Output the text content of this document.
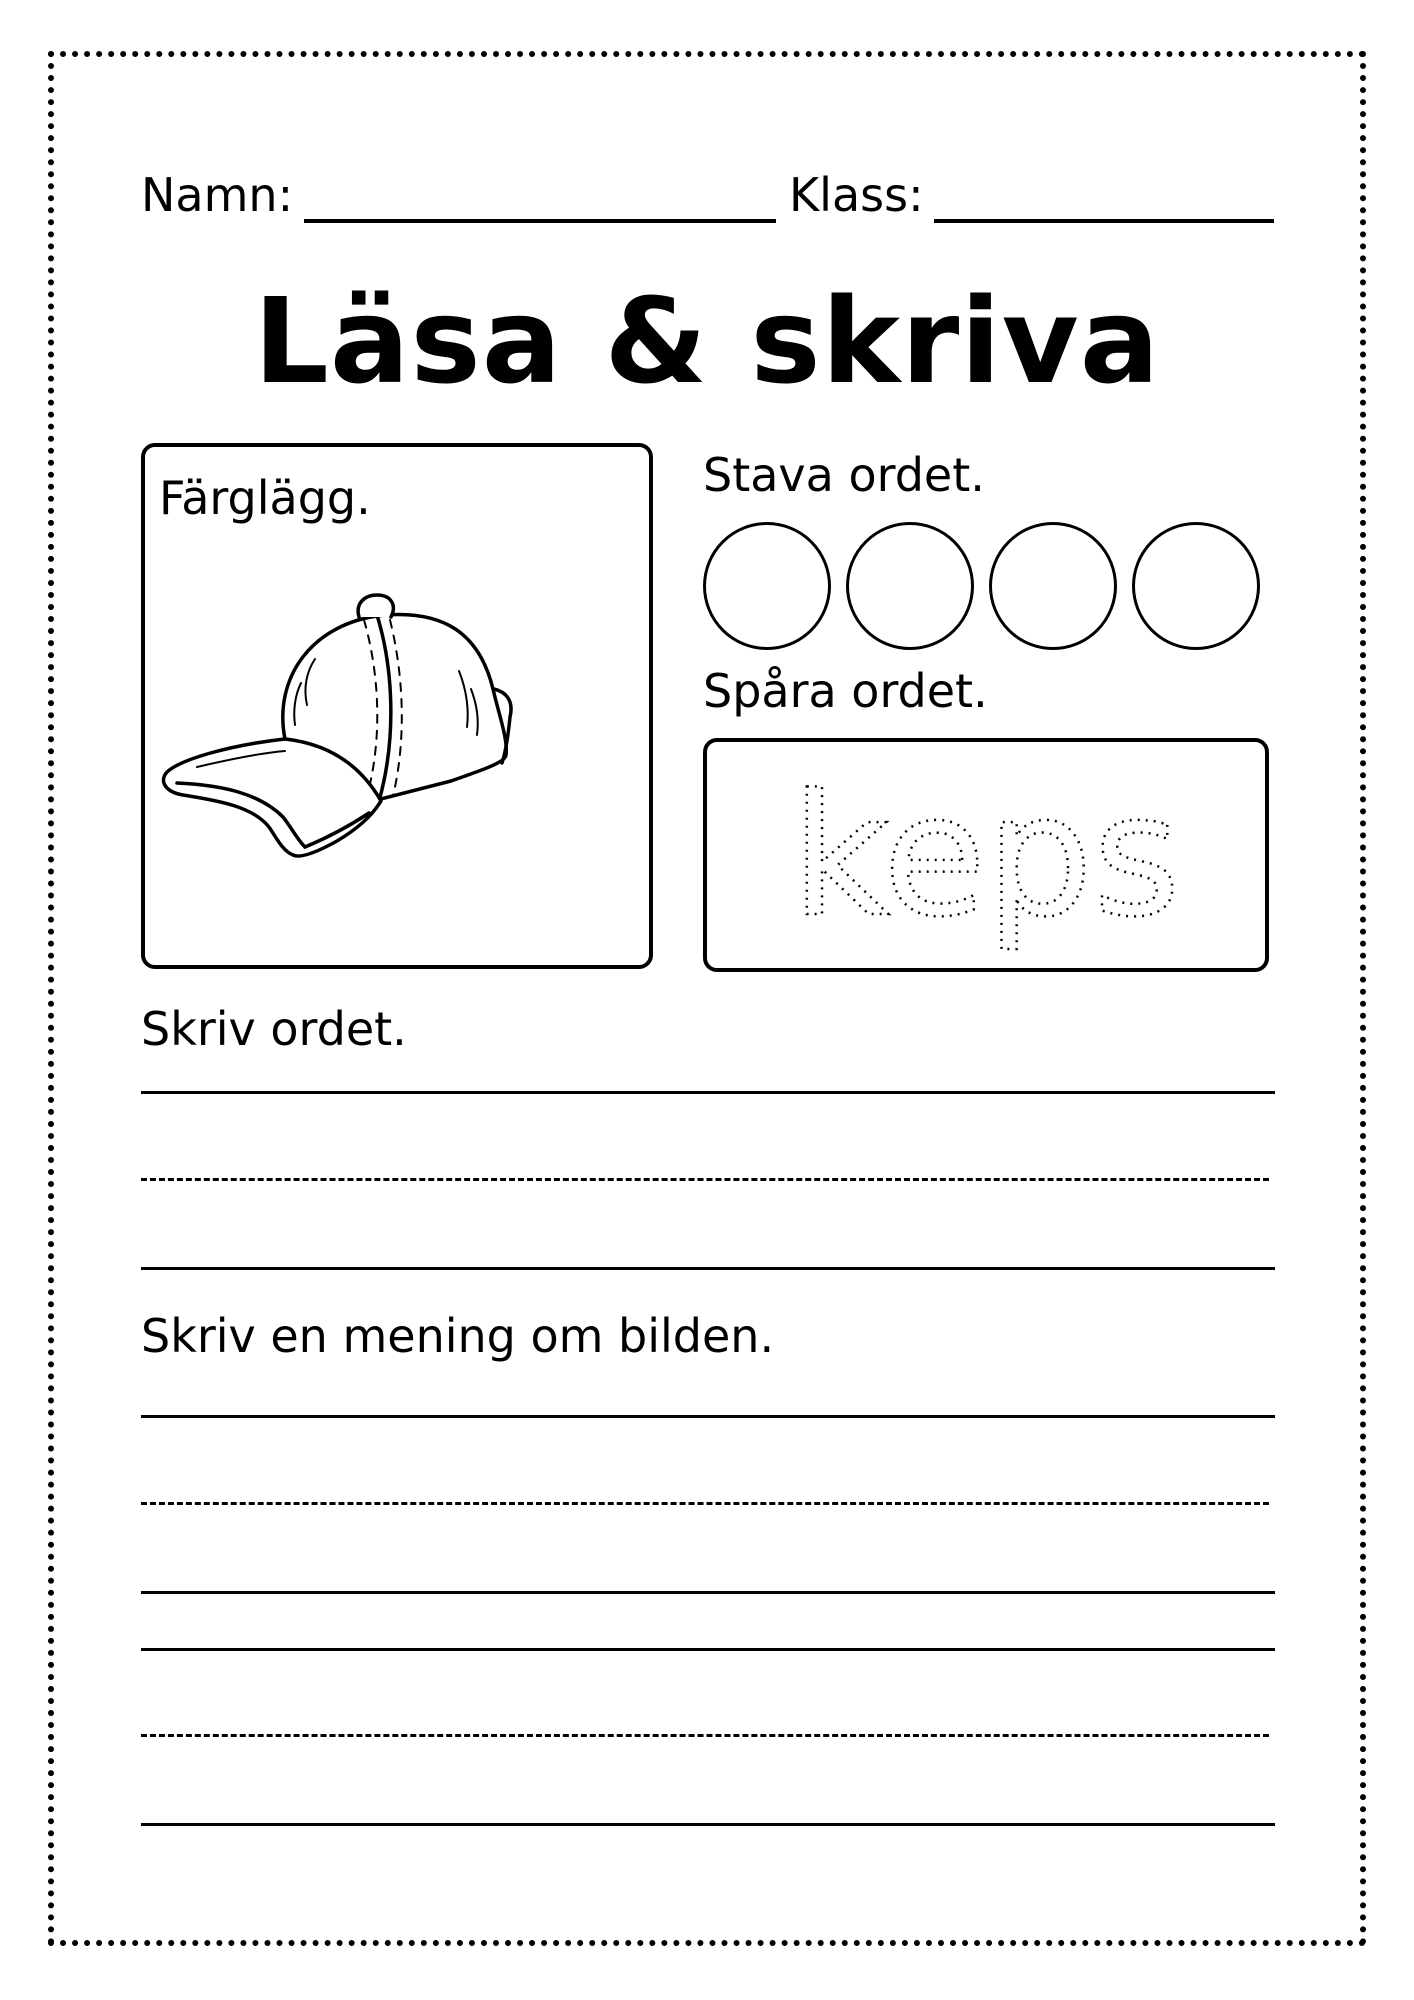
Namn:	Klass:
Läsa & skriva
Färglägg.	Stava ordet.
Spåra ordet.
keps
Skriv ordet.
Skriv en mening om bilden.
